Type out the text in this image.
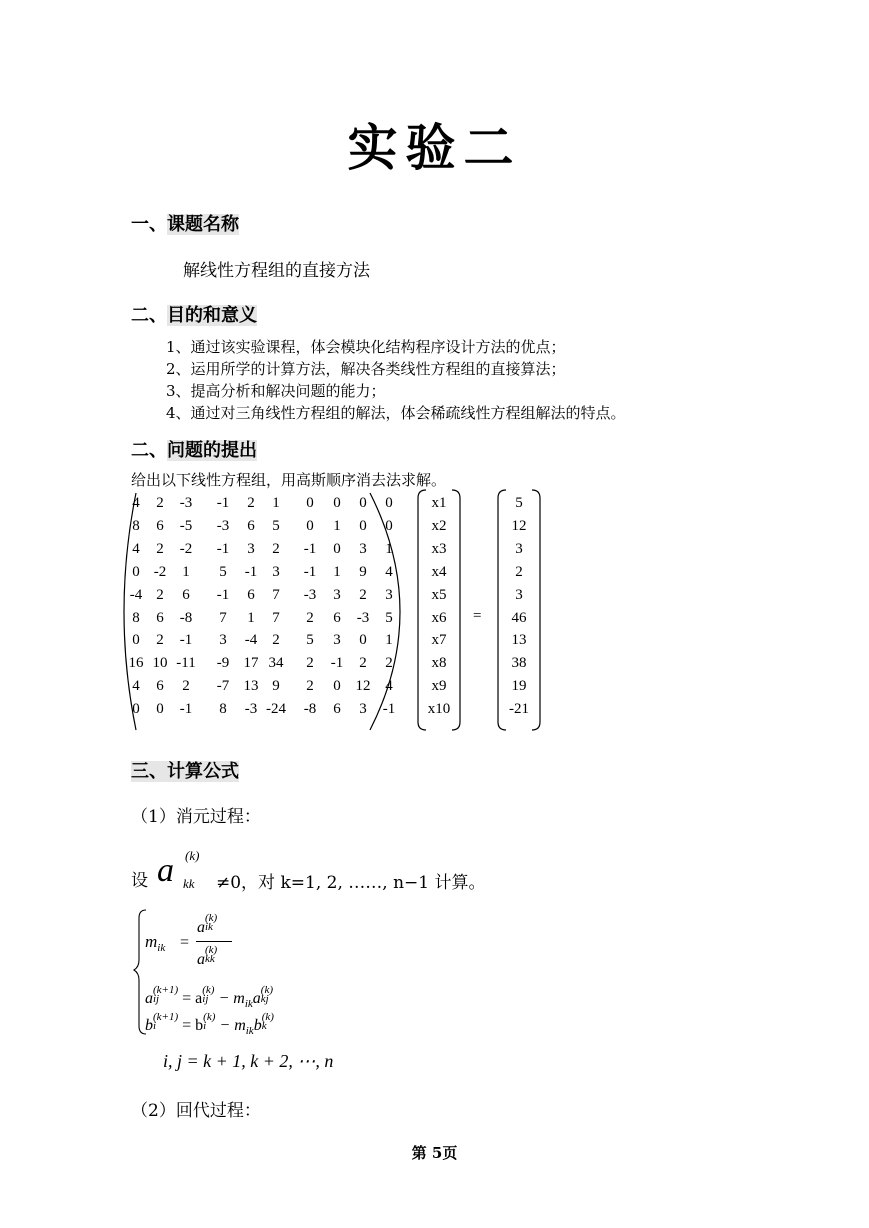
实验二
一、课题名称
解线性方程组的直接方法
二、目的和意义
1、通过该实验课程，体会模块化结构程序设计方法的优点；
2、运用所学的计算方法，解决各类线性方程组的直接算法；
3、提高分析和解决问题的能力；
4、通过对三角线性方程组的解法，体会稀疏线性方程组解法的特点。
二、问题的提出
给出以下线性方程组，用高斯顺序消去法求解。
4	2	-3	-1	2	1	0	0	0	0
8	6	-5	-3	6	5	0	1	0	0
4	2	-2	-1	3	2	-1	0	3	1
0 -2	1	5	-1	3	-1	1	9	4
-4 2	6	-1	6	7	-3	3	2	3
8	6	-8	7	1	7	2	6	-3	5
0	2	-1	3	-4	2	5	3	0	1
16 10 -11	-9 17 34	2	-1	2	2
4	6	2	-7 13 9	2	0 12 4
0	0	-1	8	-3 -24	-8	6	3	-1
x1
x2
x3
x4
x5
x6
x7
x8
x9
x10
5
12
3
2
3
46
13
38
19
-21
=
三、计算公式
（1）消元过程：
设 a (k)
kk ≠0，对 k=1, 2, ……, n−1 计算。
$m_{ik}$ =
a
(k)
ik
a
(k)
kk
a (k+1)
ij	= a (k)
ij − $m_{ik}a$ (k)
kj
b (k+1)
i	= b (k)
$i - m_{ik}b$ (k)
k
i, j = k + 1, k + 2, ⋯, n
（2）回代过程：
第 5页
